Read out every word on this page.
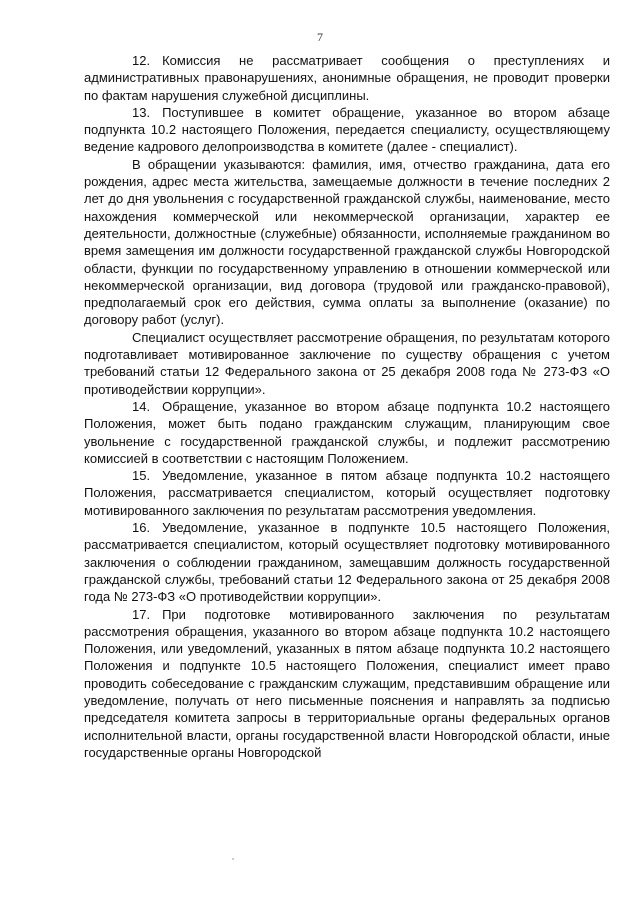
7

12. Комиссия не рассматривает сообщения о преступлениях и административных правонарушениях, анонимные обращения, не проводит проверки по фактам нарушения служебной дисциплины.

13. Поступившее в комитет обращение, указанное во втором абзаце подпункта 10.2 настоящего Положения, передается специалисту, осуществляющему ведение кадрового делопроизводства в комитете (далее - специалист).

В обращении указываются: фамилия, имя, отчество гражданина, дата его рождения, адрес места жительства, замещаемые должности в течение последних 2 лет до дня увольнения с государственной гражданской службы, наименование, место нахождения коммерческой или некоммерческой организации, характер ее деятельности, должностные (служебные) обязанности, исполняемые гражданином во время замещения им должности государственной гражданской службы Новгородской области, функции по государственному управлению в отношении коммерческой или некоммерческой организации, вид договора (трудовой или гражданско-правовой), предполагаемый срок его действия, сумма оплаты за выполнение (оказание) по договору работ (услуг).

Специалист осуществляет рассмотрение обращения, по результатам которого подготавливает мотивированное заключение по существу обращения с учетом требований статьи 12 Федерального закона от 25 декабря 2008 года № 273-ФЗ «О противодействии коррупции».

14. Обращение, указанное во втором абзаце подпункта 10.2 настоящего Положения, может быть подано гражданским служащим, планирующим свое увольнение с государственной гражданской службы, и подлежит рассмотрению комиссией в соответствии с настоящим Положением.

15. Уведомление, указанное в пятом абзаце подпункта 10.2 настоящего Положения, рассматривается специалистом, который осуществляет подготовку мотивированного заключения по результатам рассмотрения уведомления.

16. Уведомление, указанное в подпункте 10.5 настоящего Положения, рассматривается специалистом, который осуществляет подготовку мотивированного заключения о соблюдении гражданином, замещавшим должность государственной гражданской службы, требований статьи 12 Федерального закона от 25 декабря 2008 года № 273-ФЗ «О противодействии коррупции».

17. При подготовке мотивированного заключения по результатам рассмотрения обращения, указанного во втором абзаце подпункта 10.2 настоящего Положения, или уведомлений, указанных в пятом абзаце подпункта 10.2 настоящего Положения и подпункте 10.5 настоящего Положения, специалист имеет право проводить собеседование с гражданским служащим, представившим обращение или уведомление, получать от него письменные пояснения и направлять за подписью председателя комитета запросы в территориальные органы федеральных органов исполнительной власти, органы государственной власти Новгородской области, иные государственные органы Новгородской
